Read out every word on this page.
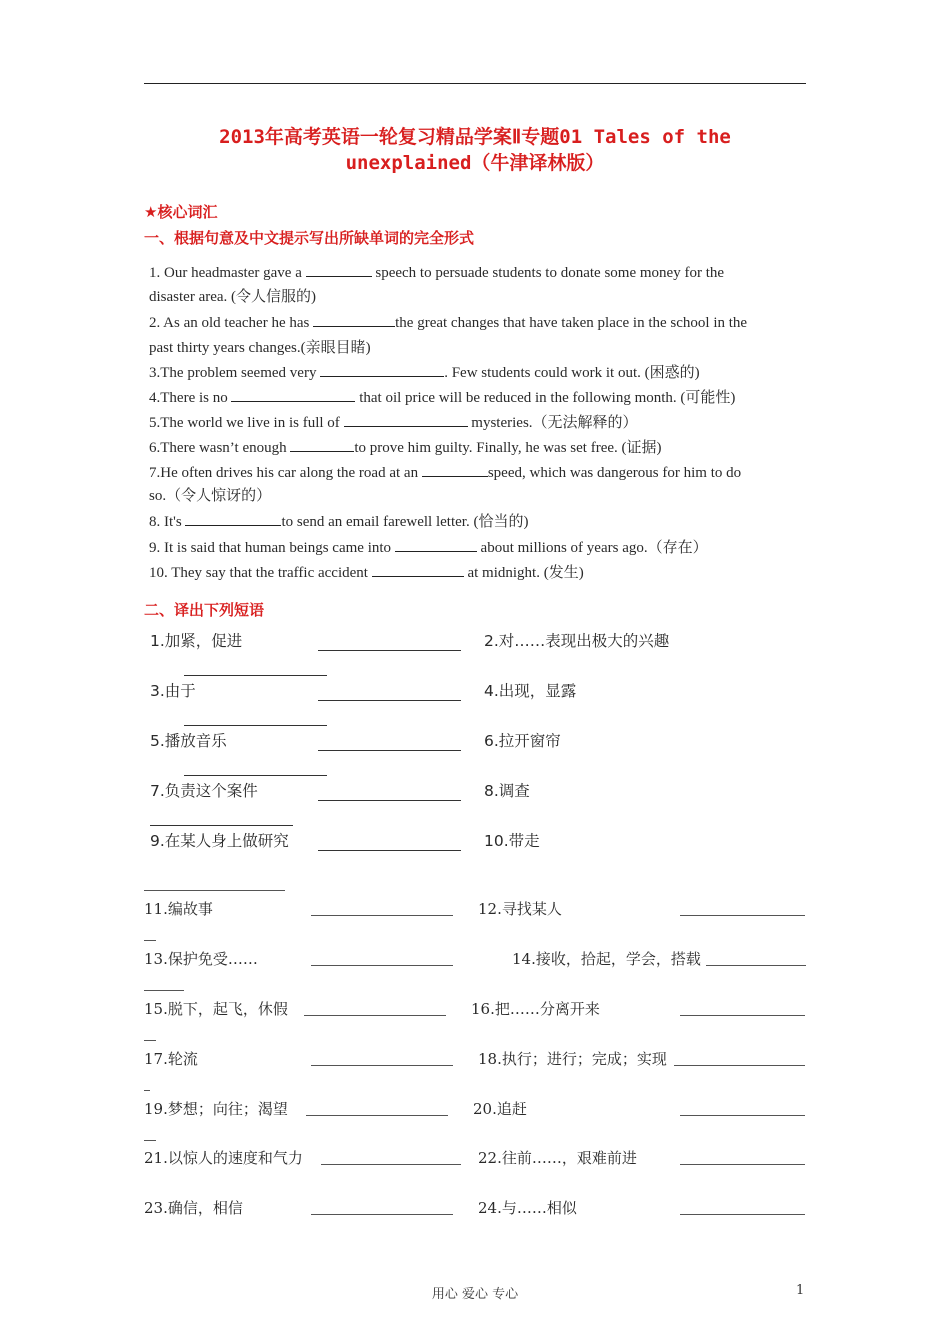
2013年高考英语一轮复习精品学案Ⅱ专题01 Tales of the
unexplained（牛津译林版）
★核心词汇
一、根据句意及中文提示写出所缺单词的完全形式
1. Our headmaster gave a	speech to persuade students to donate some money for the
disaster area. (令人信服的)
2. As an old teacher he has	the great changes that have taken place in the school in the
past thirty years changes.(亲眼目睹)
3.The problem seemed very	. Few students could work it out. (困惑的)
4.There is no	that oil price will be reduced in the following month. (可能性)
5.The world we live in is full of	mysteries.（无法解释的）
6.There wasn’t enough	to prove him guilty. Finally, he was set free. (证据)
7.He often drives his car along the road at an	speed, which was dangerous for him to do
so.（令人惊讶的）
8. It's	to send an email farewell letter. (恰当的)
9. It is said that human beings came into	about millions of years ago.（存在）
10. They say that the traffic accident	at midnight. (发生)
二、译出下列短语
1.加紧，促进	2.对……表现出极大的兴趣
3.由于	4.出现，显露
5.播放音乐	6.拉开窗帘
7.负责这个案件	8.调查
9.在某人身上做研究	10.带走
11.编故事	12.寻找某人
13.保护免受……	14.接收，拾起，学会，搭载
15.脱下，起飞，休假	16.把……分离开来
17.轮流	18.执行；进行；完成；实现
19.梦想；向往；渴望	20.追赶
21.以惊人的速度和气力	22.往前……，艰难前进
23.确信，相信	24.与……相似
用心 爱心 专心	1
